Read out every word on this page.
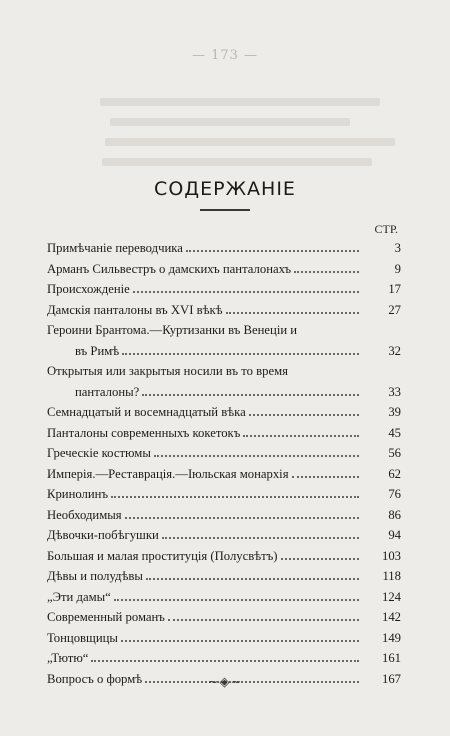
— 173 —
СОДЕРЖАНІЕ
СТР.
Примѣчаніе переводчика	3
Арманъ Сильвестръ о дамскихъ панталонахъ	9
Происхожденіе	17
Дамскія панталоны въ XVI вѣкѣ	27
Героини Брантома.—Куртизанки въ Венеціи и
въ Римѣ	32
Открытыя или закрытыя носили въ то время
панталоны?	33
Семнадцатый и восемнадцатый вѣка	39
Панталоны современныхъ кокетокъ	45
Греческіе костюмы	56
Имперія.—Реставрація.—Іюльская монархія	62
Кринолинъ	76
Необходимыя	86
Дѣвочки-побѣгушки	94
Большая и малая проституція (Полусвѣтъ)	103
Дѣвы и полудѣвы	118
„Эти дамы“	124
Современный романъ	142
Тонцовщицы	149
„Тютю“	161
Вопросъ о формѣ	167
~◈~
